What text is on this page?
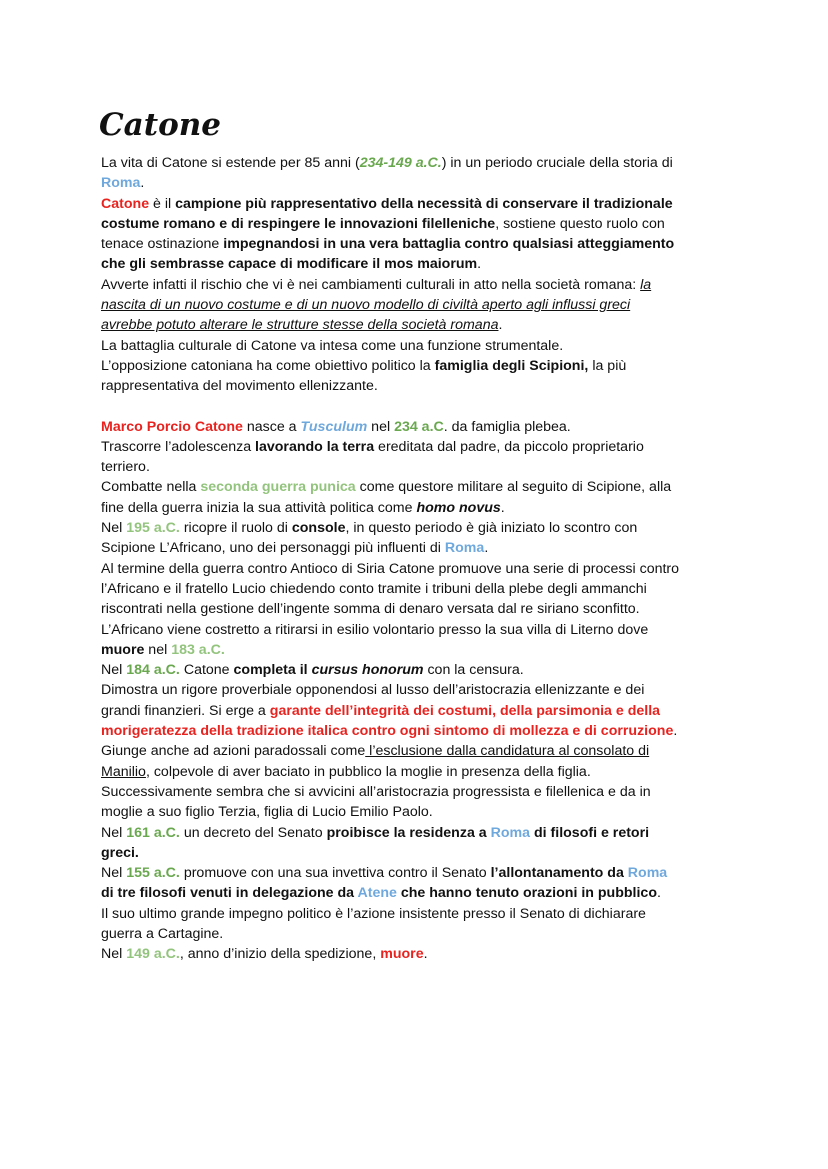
Catone

La vita di Catone si estende per 85 anni (234-149 a.C.) in un periodo cruciale della storia di

Roma.

Catone è il campione più rappresentativo della necessità di conservare il tradizionale

costume romano e di respingere le innovazioni filelleniche, sostiene questo ruolo con

tenace ostinazione impegnandosi in una vera battaglia contro qualsiasi atteggiamento

che gli sembrasse capace di modificare il mos maiorum.

Avverte infatti il rischio che vi è nei cambiamenti culturali in atto nella società romana: la

nascita di un nuovo costume e di un nuovo modello di civiltà aperto agli influssi greci

avrebbe potuto alterare le strutture stesse della società romana.

La battaglia culturale di Catone va intesa come una funzione strumentale.

L’opposizione catoniana ha come obiettivo politico la famiglia degli Scipioni, la più

rappresentativa del movimento ellenizzante.

Marco Porcio Catone nasce a Tusculum nel 234 a.C. da famiglia plebea.

Trascorre l’adolescenza lavorando la terra ereditata dal padre, da piccolo proprietario

terriero.

Combatte nella seconda guerra punica come questore militare al seguito di Scipione, alla

fine della guerra inizia la sua attività politica come homo novus.

Nel 195 a.C. ricopre il ruolo di console, in questo periodo è già iniziato lo scontro con

Scipione L’Africano, uno dei personaggi più influenti di Roma.

Al termine della guerra contro Antioco di Siria Catone promuove una serie di processi contro

l’Africano e il fratello Lucio chiedendo conto tramite i tribuni della plebe degli ammanchi

riscontrati nella gestione dell’ingente somma di denaro versata dal re siriano sconfitto.

L’Africano viene costretto a ritirarsi in esilio volontario presso la sua villa di Literno dove

muore nel 183 a.C.

Nel 184 a.C. Catone completa il cursus honorum con la censura.

Dimostra un rigore proverbiale opponendosi al lusso dell’aristocrazia ellenizzante e dei

grandi finanzieri. Si erge a garante dell’integrità dei costumi, della parsimonia e della

morigeratezza della tradizione italica contro ogni sintomo di mollezza e di corruzione.

Giunge anche ad azioni paradossali come l’esclusione dalla candidatura al consolato di

Manilio, colpevole di aver baciato in pubblico la moglie in presenza della figlia.

Successivamente sembra che si avvicini all’aristocrazia progressista e filellenica e da in

moglie a suo figlio Terzia, figlia di Lucio Emilio Paolo.

Nel 161 a.C. un decreto del Senato proibisce la residenza a Roma di filosofi e retori

greci.

Nel 155 a.C. promuove con una sua invettiva contro il Senato l’allontanamento da Roma

di tre filosofi venuti in delegazione da Atene che hanno tenuto orazioni in pubblico.

Il suo ultimo grande impegno politico è l’azione insistente presso il Senato di dichiarare

guerra a Cartagine.

Nel 149 a.C., anno d’inizio della spedizione, muore.
